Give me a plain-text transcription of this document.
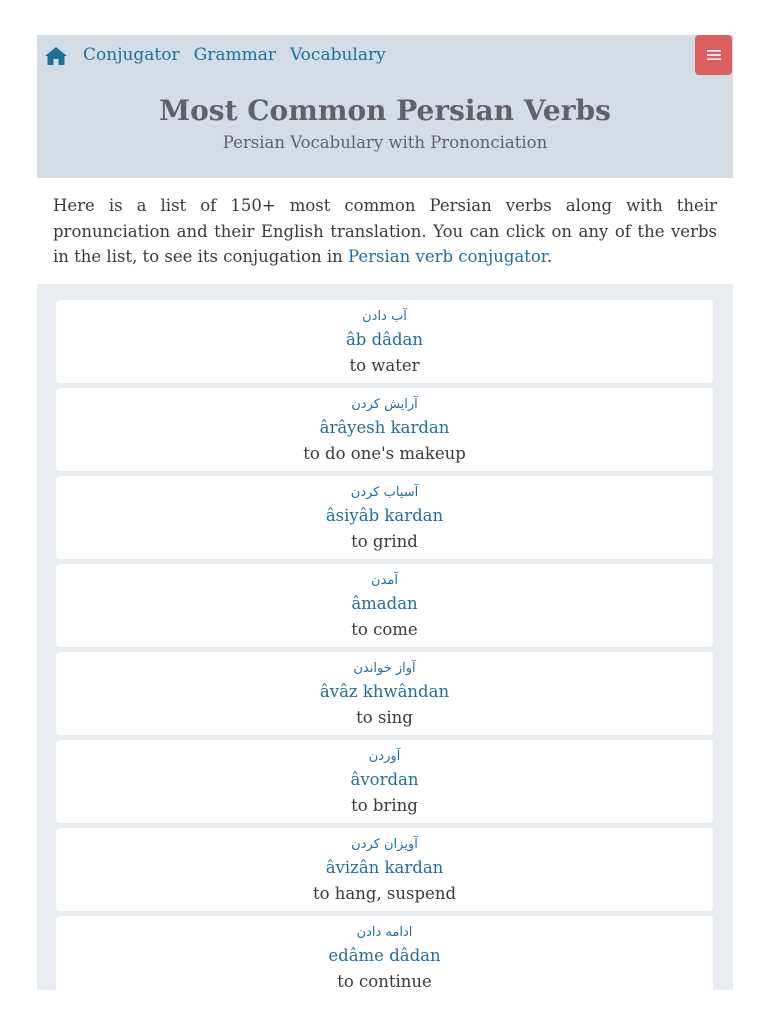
Conjugator Grammar Vocabulary
Most Common Persian Verbs
Persian Vocabulary with Prononciation
Here is a list of 150+ most common Persian verbs along with their pronunciation and their English translation. You can click on any of the verbs in the list, to see its conjugation in Persian verb conjugator.
آب دادن
âb dâdan
to water
آرایش کردن
ârâyesh kardan
to do one's makeup
آسیاب کردن
âsiyâb kardan
to grind
آمدن
âmadan
to come
آواز خواندن
âvâz khwândan
to sing
آوردن
âvordan
to bring
آویزان کردن
âvizân kardan
to hang, suspend
ادامه دادن
edâme dâdan
to continue
